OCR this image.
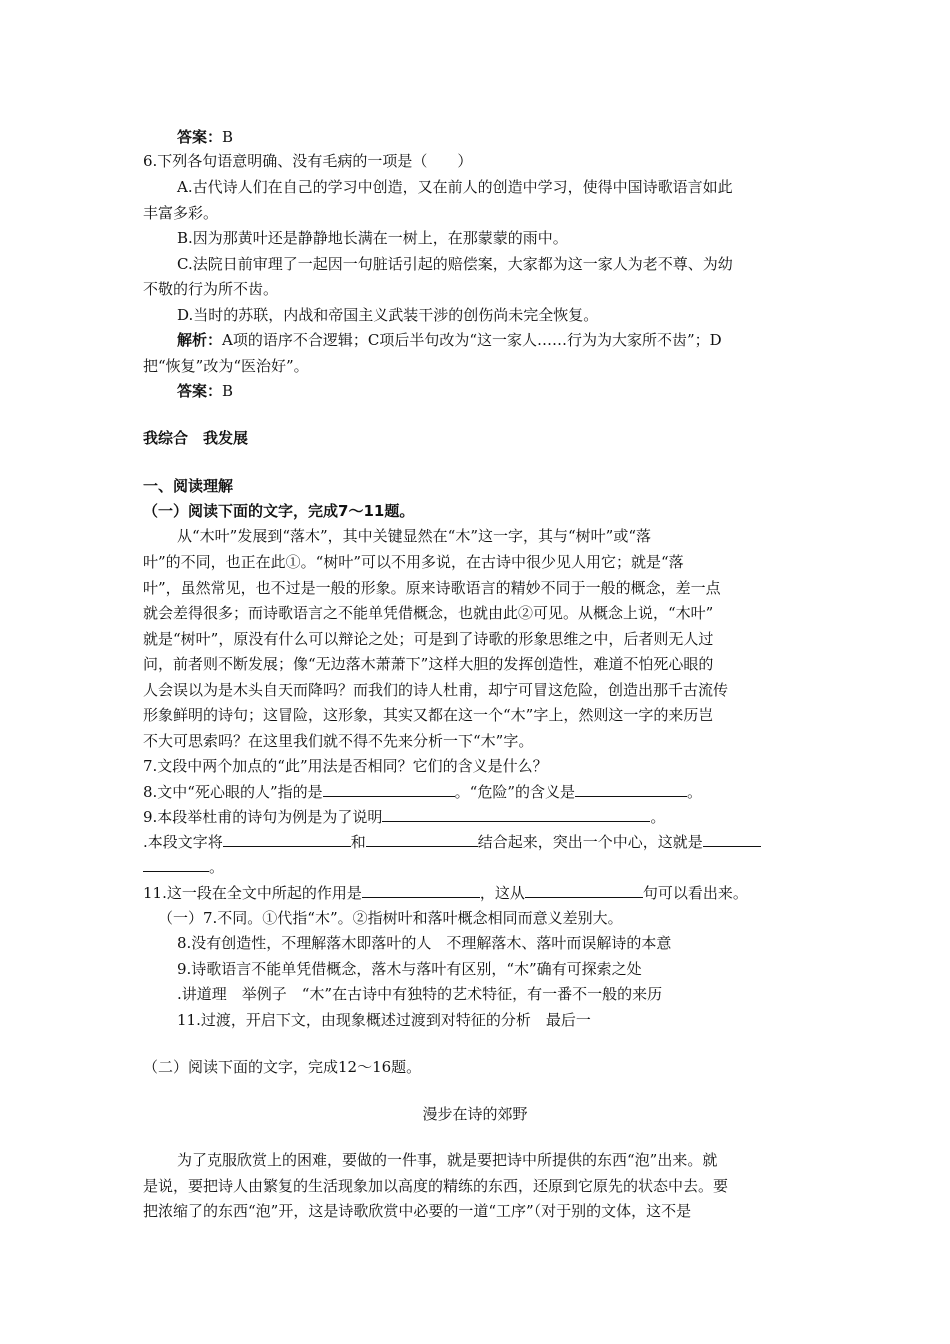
答案：B
6.下列各句语意明确、没有毛病的一项是（　　）
A.古代诗人们在自己的学习中创造，又在前人的创造中学习，使得中国诗歌语言如此
丰富多彩。
B.因为那黄叶还是静静地长满在一树上，在那蒙蒙的雨中。
C.法院日前审理了一起因一句脏话引起的赔偿案，大家都为这一家人为老不尊、为幼
不敬的行为所不齿。
D.当时的苏联，内战和帝国主义武装干涉的创伤尚未完全恢复。
解析：A项的语序不合逻辑；C项后半句改为“这一家人……行为为大家所不齿”；D
把“恢复”改为“医治好”。
答案：B
我综合　我发展
一、阅读理解
（一）阅读下面的文字，完成7～11题。
从“木叶”发展到“落木”，其中关键显然在“木”这一字，其与“树叶”或“落
叶”的不同，也正在此①。“树叶”可以不用多说，在古诗中很少见人用它；就是“落
叶”，虽然常见，也不过是一般的形象。原来诗歌语言的精妙不同于一般的概念，差一点
就会差得很多；而诗歌语言之不能单凭借概念，也就由此②可见。从概念上说，“木叶”
就是“树叶”，原没有什么可以辩论之处；可是到了诗歌的形象思维之中，后者则无人过
问，前者则不断发展；像“无边落木萧萧下”这样大胆的发挥创造性，难道不怕死心眼的
人会误以为是木头自天而降吗？而我们的诗人杜甫，却宁可冒这危险，创造出那千古流传
形象鲜明的诗句；这冒险，这形象，其实又都在这一个“木”字上，然则这一字的来历岂
不大可思索吗？在这里我们就不得不先来分析一下“木”字。
7.文段中两个加点的“此”用法是否相同？它们的含义是什么？
8.文中“死心眼的人”指的是	。“危险”的含义是	。
9.本段举杜甫的诗句为例是为了说明	。
.本段文字将	和	结合起来，突出一个中心，这就是
。
11.这一段在全文中所起的作用是	，这从	句可以看出来。
（一）7.不同。①代指“木”。②指树叶和落叶概念相同而意义差别大。
8.没有创造性，不理解落木即落叶的人　不理解落木、落叶而误解诗的本意
9.诗歌语言不能单凭借概念，落木与落叶有区别，“木”确有可探索之处
.讲道理　举例子　“木”在古诗中有独特的艺术特征，有一番不一般的来历
11.过渡，开启下文，由现象概述过渡到对特征的分析　最后一
（二）阅读下面的文字，完成12～16题。
漫步在诗的郊野
为了克服欣赏上的困难，要做的一件事，就是要把诗中所提供的东西“泡”出来。就
是说，要把诗人由繁复的生活现象加以高度的精练的东西，还原到它原先的状态中去。要
把浓缩了的东西“泡”开，这是诗歌欣赏中必要的一道“工序”（对于别的文体，这不是
